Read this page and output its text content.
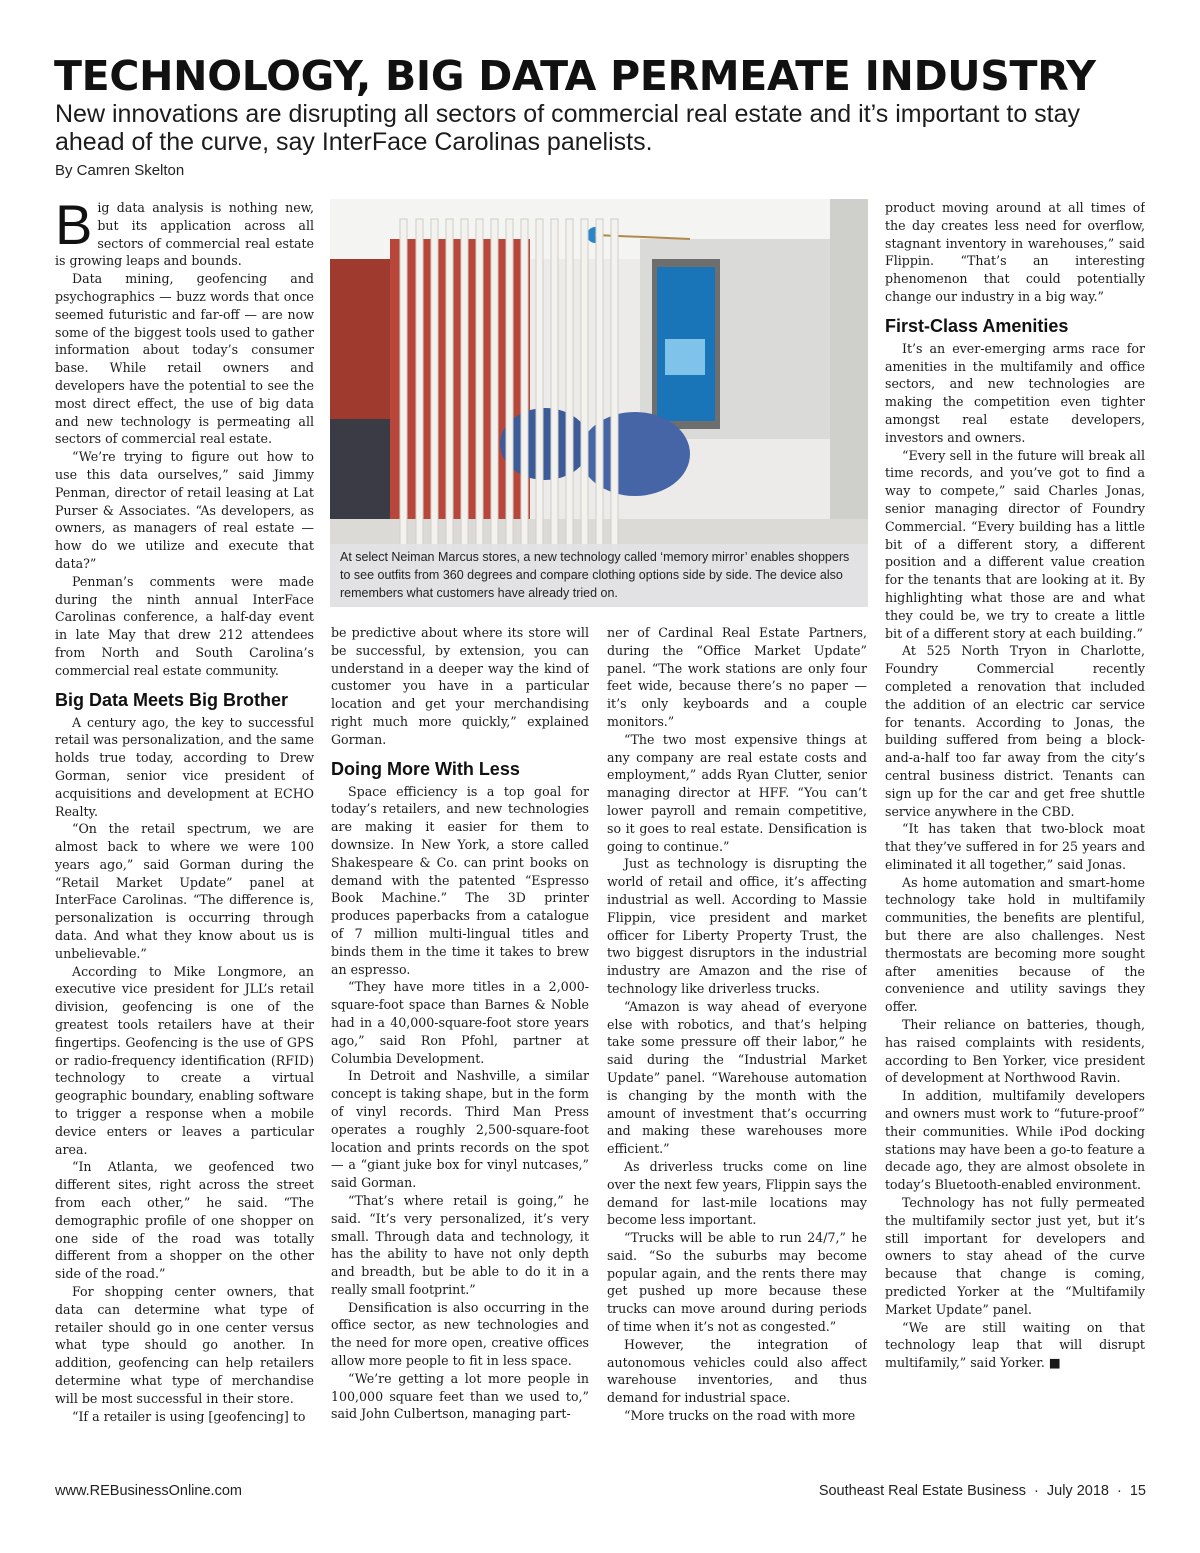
TECHNOLOGY, BIG DATA PERMEATE INDUSTRY

New innovations are disrupting all sectors of commercial real estate and it’s important to stay ahead of the curve, say InterFace Carolinas panelists.

By Camren Skelton

Big data analysis is nothing new, but its application across all sectors of commercial real estate is growing leaps and bounds.

Data mining, geofencing and psychographics — buzz words that once seemed futuristic and far-off — are now some of the biggest tools used to gather information about today’s consumer base. While retail owners and developers have the potential to see the most direct effect, the use of big data and new technology is permeating all sectors of commercial real estate.

“We’re trying to figure out how to use this data ourselves,” said Jimmy Penman, director of retail leasing at Lat Purser & Associates. “As developers, as owners, as managers of real estate — how do we utilize and execute that data?”

Penman’s comments were made during the ninth annual InterFace Carolinas conference, a half-day event in late May that drew 212 attendees from North and South Carolina’s commercial real estate community.

Big Data Meets Big Brother

A century ago, the key to successful retail was personalization, and the same holds true today, according to Drew Gorman, senior vice president of acquisitions and development at ECHO Realty.

“On the retail spectrum, we are almost back to where we were 100 years ago,” said Gorman during the “Retail Market Update” panel at InterFace Carolinas. “The difference is, personalization is occurring through data. And what they know about us is unbelievable.”

According to Mike Longmore, an executive vice president for JLL’s retail division, geofencing is one of the greatest tools retailers have at their fingertips. Geofencing is the use of GPS or radio-frequency identification (RFID) technology to create a virtual geographic boundary, enabling software to trigger a response when a mobile device enters or leaves a particular area.

“In Atlanta, we geofenced two different sites, right across the street from each other,” he said. “The demographic profile of one shopper on one side of the road was totally different from a shopper on the other side of the road.”

For shopping center owners, that data can determine what type of retailer should go in one center versus what type should go another. In addition, geofencing can help retailers determine what type of merchandise will be most successful in their store.

“If a retailer is using [geofencing] to

At select Neiman Marcus stores, a new technology called ‘memory mirror’ enables shoppers to see outfits from 360 degrees and compare clothing options side by side. The device also remembers what customers have already tried on.

be predictive about where its store will be successful, by extension, you can understand in a deeper way the kind of customer you have in a particular location and get your merchandising right much more quickly,” explained Gorman.

Doing More With Less

Space efficiency is a top goal for today’s retailers, and new technologies are making it easier for them to downsize. In New York, a store called Shakespeare & Co. can print books on demand with the patented “Espresso Book Machine.” The 3D printer produces paperbacks from a catalogue of 7 million multi-lingual titles and binds them in the time it takes to brew an espresso.

“They have more titles in a 2,000-square-foot space than Barnes & Noble had in a 40,000-square-foot store years ago,” said Ron Pfohl, partner at Columbia Development.

In Detroit and Nashville, a similar concept is taking shape, but in the form of vinyl records. Third Man Press operates a roughly 2,500-square-foot location and prints records on the spot — a “giant juke box for vinyl nutcases,” said Gorman.

“That’s where retail is going,” he said. “It’s very personalized, it’s very small. Through data and technology, it has the ability to have not only depth and breadth, but be able to do it in a really small footprint.”

Densification is also occurring in the office sector, as new technologies and the need for more open, creative offices allow more people to fit in less space.

“We’re getting a lot more people in 100,000 square feet than we used to,” said John Culbertson, managing part-

ner of Cardinal Real Estate Partners, during the “Office Market Update” panel. “The work stations are only four feet wide, because there’s no paper — it’s only keyboards and a couple monitors.”

“The two most expensive things at any company are real estate costs and employment,” adds Ryan Clutter, senior managing director at HFF. “You can’t lower payroll and remain competitive, so it goes to real estate. Densification is going to continue.”

Just as technology is disrupting the world of retail and office, it’s affecting industrial as well. According to Massie Flippin, vice president and market officer for Liberty Property Trust, the two biggest disruptors in the industrial industry are Amazon and the rise of technology like driverless trucks.

“Amazon is way ahead of everyone else with robotics, and that’s helping take some pressure off their labor,” he said during the “Industrial Market Update” panel. “Warehouse automation is changing by the month with the amount of investment that’s occurring and making these warehouses more efficient.”

As driverless trucks come on line over the next few years, Flippin says the demand for last-mile locations may become less important.

“Trucks will be able to run 24/7,” he said. “So the suburbs may become popular again, and the rents there may get pushed up more because these trucks can move around during periods of time when it’s not as congested.”

However, the integration of autonomous vehicles could also affect warehouse inventories, and thus demand for industrial space.

“More trucks on the road with more

product moving around at all times of the day creates less need for overflow, stagnant inventory in warehouses,” said Flippin. “That’s an interesting phenomenon that could potentially change our industry in a big way.”

First-Class Amenities

It’s an ever-emerging arms race for amenities in the multifamily and office sectors, and new technologies are making the competition even tighter amongst real estate developers, investors and owners.

“Every sell in the future will break all time records, and you’ve got to find a way to compete,” said Charles Jonas, senior managing director of Foundry Commercial. “Every building has a little bit of a different story, a different position and a different value creation for the tenants that are looking at it. By highlighting what those are and what they could be, we try to create a little bit of a different story at each building.”

At 525 North Tryon in Charlotte, Foundry Commercial recently completed a renovation that included the addition of an electric car service for tenants. According to Jonas, the building suffered from being a block-and-a-half too far away from the city’s central business district. Tenants can sign up for the car and get free shuttle service anywhere in the CBD.

“It has taken that two-block moat that they’ve suffered in for 25 years and eliminated it all together,” said Jonas.

As home automation and smart-home technology take hold in multifamily communities, the benefits are plentiful, but there are also challenges. Nest thermostats are becoming more sought after amenities because of the convenience and utility savings they offer.

Their reliance on batteries, though, has raised complaints with residents, according to Ben Yorker, vice president of development at Northwood Ravin.

In addition, multifamily developers and owners must work to “future-proof” their communities. While iPod docking stations may have been a go-to feature a decade ago, they are almost obsolete in today’s Bluetooth-enabled environment.

Technology has not fully permeated the multifamily sector just yet, but it’s still important for developers and owners to stay ahead of the curve because that change is coming, predicted Yorker at the “Multifamily Market Update” panel.

“We are still waiting on that technology leap that will disrupt multifamily,” said Yorker. ■

www.REBusinessOnline.com	Southeast Real Estate Business · July 2018 · 15
